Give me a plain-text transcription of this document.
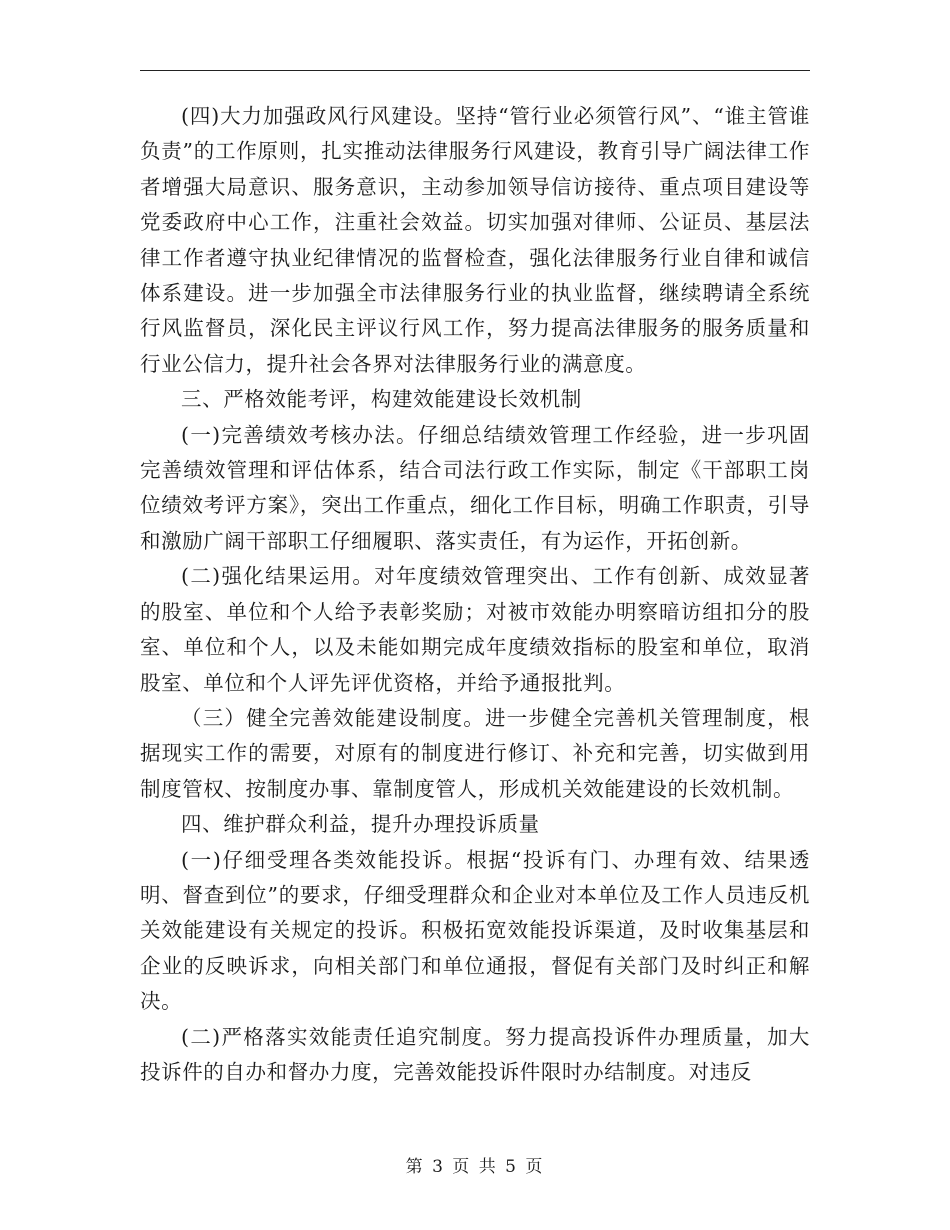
(四)大力加强政风行风建设。坚持“管行业必须管行风”、“谁主管谁负责”的工作原则，扎实推动法律服务行风建设，教育引导广阔法律工作者增强大局意识、服务意识，主动参加领导信访接待、重点项目建设等党委政府中心工作，注重社会效益。切实加强对律师、公证员、基层法律工作者遵守执业纪律情况的监督检查，强化法律服务行业自律和诚信体系建设。进一步加强全市法律服务行业的执业监督，继续聘请全系统行风监督员，深化民主评议行风工作，努力提高法律服务的服务质量和行业公信力，提升社会各界对法律服务行业的满意度。

三、严格效能考评，构建效能建设长效机制

(一)完善绩效考核办法。仔细总结绩效管理工作经验，进一步巩固完善绩效管理和评估体系，结合司法行政工作实际，制定《干部职工岗位绩效考评方案》，突出工作重点，细化工作目标，明确工作职责，引导和激励广阔干部职工仔细履职、落实责任，有为运作，开拓创新。

(二)强化结果运用。对年度绩效管理突出、工作有创新、成效显著的股室、单位和个人给予表彰奖励；对被市效能办明察暗访组扣分的股室、单位和个人，以及未能如期完成年度绩效指标的股室和单位，取消股室、单位和个人评先评优资格，并给予通报批判。

（三）健全完善效能建设制度。进一步健全完善机关管理制度，根据现实工作的需要，对原有的制度进行修订、补充和完善，切实做到用制度管权、按制度办事、靠制度管人，形成机关效能建设的长效机制。

四、维护群众利益，提升办理投诉质量

(一)仔细受理各类效能投诉。根据“投诉有门、办理有效、结果透明、督查到位”的要求，仔细受理群众和企业对本单位及工作人员违反机关效能建设有关规定的投诉。积极拓宽效能投诉渠道，及时收集基层和企业的反映诉求，向相关部门和单位通报，督促有关部门及时纠正和解决。

(二)严格落实效能责任追究制度。努力提高投诉件办理质量，加大投诉件的自办和督办力度，完善效能投诉件限时办结制度。对违反

第 3 页 共 5 页
